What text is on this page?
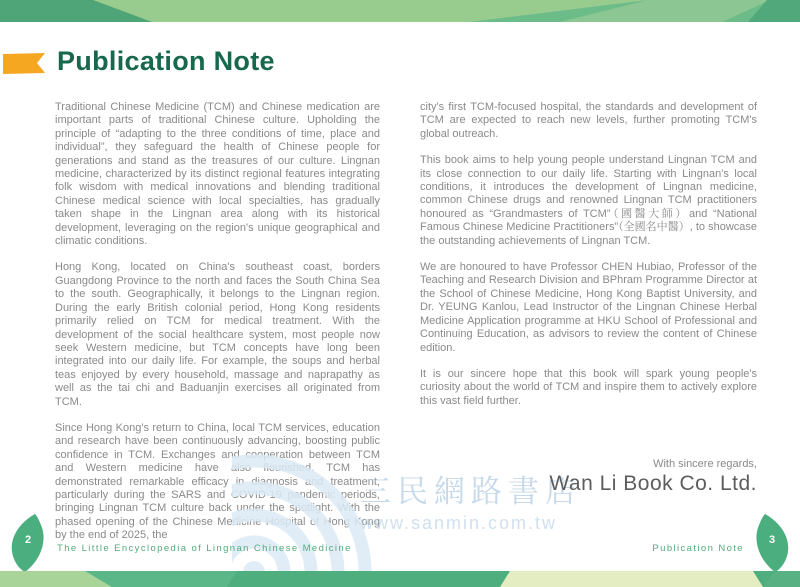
Publication Note

Traditional Chinese Medicine (TCM) and Chinese medication are important parts of traditional Chinese culture. Upholding the principle of “adapting to the three conditions of time, place and individual”, they safeguard the health of Chinese people for generations and stand as the treasures of our culture. Lingnan medicine, characterized by its distinct regional features integrating folk wisdom with medical innovations and blending traditional Chinese medical science with local specialties, has gradually taken shape in the Lingnan area along with its historical development, leveraging on the region's unique geographical and climatic conditions.

Hong Kong, located on China's southeast coast, borders Guangdong Province to the north and faces the South China Sea to the south. Geographically, it belongs to the Lingnan region. During the early British colonial period, Hong Kong residents primarily relied on TCM for medical treatment. With the development of the social healthcare system, most people now seek Western medicine, but TCM concepts have long been integrated into our daily life. For example, the soups and herbal teas enjoyed by every household, massage and naprapathy as well as the tai chi and Baduanjin exercises all originated from TCM.

Since Hong Kong's return to China, local TCM services, education and research have been continuously advancing, boosting public confidence in TCM. Exchanges and cooperation between TCM and Western medicine have also flourished. TCM has demonstrated remarkable efficacy in diagnosis and treatment, particularly during the SARS and COVID-19 pandemic periods, bringing Lingnan TCM culture back under the spotlight. With the phased opening of the Chinese Medicine Hospital of Hong Kong by the end of 2025, the

city's first TCM-focused hospital, the standards and development of TCM are expected to reach new levels, further promoting TCM's global outreach.

This book aims to help young people understand Lingnan TCM and its close connection to our daily life. Starting with Lingnan's local conditions, it introduces the development of Lingnan medicine, common Chinese drugs and renowned Lingnan TCM practitioners honoured as “Grandmasters of TCM”（國醫大師）and “National Famous Chinese Medicine Practitioners”（全國名中醫）, to showcase the outstanding achievements of Lingnan TCM.

We are honoured to have Professor CHEN Hubiao, Professor of the Teaching and Research Division and BPhram Programme Director at the School of Chinese Medicine, Hong Kong Baptist University, and Dr. YEUNG Kanlou, Lead Instructor of the Lingnan Chinese Herbal Medicine Application programme at HKU School of Professional and Continuing Education, as advisors to review the content of Chinese edition.

It is our sincere hope that this book will spark young people's curiosity about the world of TCM and inspire them to actively explore this vast field further.

三民網路書店
www.sanmin.com.tw

With sincere regards,

Wan Li Book Co. Ltd.

2
The Little Encyclopedia of Lingnan Chinese Medicine	Publication Note
3
